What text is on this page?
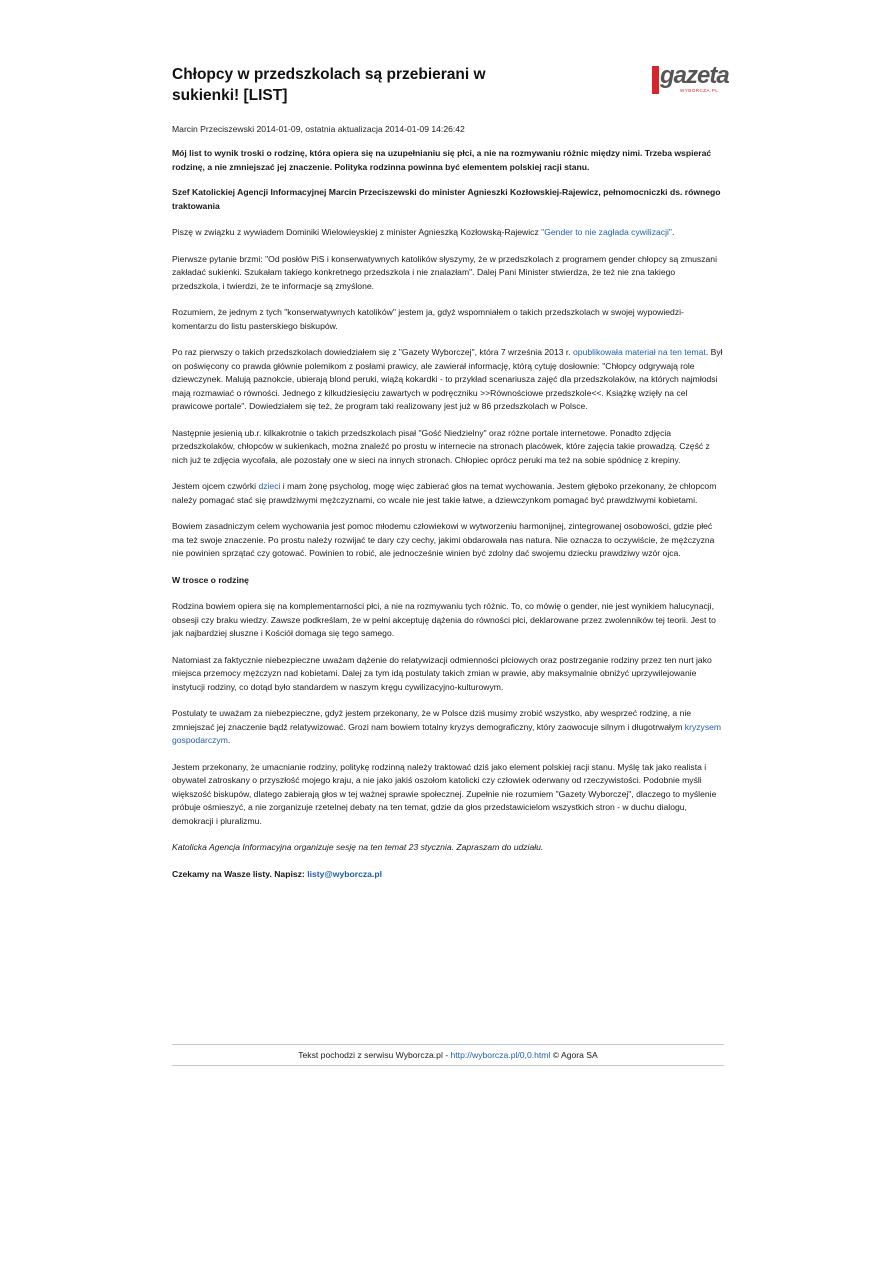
Chłopcy w przedszkolach są przebierani w sukienki! [LIST]
gazeta
WYBORCZA.PL
Marcin Przeciszewski 2014-01-09, ostatnia aktualizacja 2014-01-09 14:26:42
Mój list to wynik troski o rodzinę, która opiera się na uzupełnianiu się płci, a nie na rozmywaniu różnic między nimi. Trzeba wspierać rodzinę, a nie zmniejszać jej znaczenie. Polityka rodzinna powinna być elementem polskiej racji stanu.
Szef Katolickiej Agencji Informacyjnej Marcin Przeciszewski do minister Agnieszki Kozłowskiej-Rajewicz, pełnomocniczki ds. równego traktowania

Piszę w związku z wywiadem Dominiki Wielowieyskiej z minister Agnieszką Kozłowską-Rajewicz "Gender to nie zagłada cywilizacji".

Pierwsze pytanie brzmi: "Od posłów PiS i konserwatywnych katolików słyszymy, że w przedszkolach z programem gender chłopcy są zmuszani zakładać sukienki. Szukałam takiego konkretnego przedszkola i nie znalazłam". Dalej Pani Minister stwierdza, że też nie zna takiego przedszkola, i twierdzi, że te informacje są zmyślone.

Rozumiem, że jednym z tych "konserwatywnych katolików" jestem ja, gdyż wspomniałem o takich przedszkolach w swojej wypowiedzi-komentarzu do listu pasterskiego biskupów.

Po raz pierwszy o takich przedszkolach dowiedziałem się z "Gazety Wyborczej", która 7 września 2013 r. opublikowała materiał na ten temat. Był on poświęcony co prawda głównie polemikom z posłami prawicy, ale zawierał informację, którą cytuję dosłownie: "Chłopcy odgrywają role dziewczynek. Malują paznokcie, ubierają blond peruki, wiążą kokardki - to przykład scenariusza zajęć dla przedszkolaków, na których najmłodsi mają rozmawiać o równości. Jednego z kilkudziesięciu zawartych w podręczniku >>Równościowe przedszkole<<. Książkę wzięły na cel prawicowe portale". Dowiedziałem się też, że program taki realizowany jest już w 86 przedszkolach w Polsce.

Następnie jesienią ub.r. kilkakrotnie o takich przedszkolach pisał "Gość Niedzielny" oraz różne portale internetowe. Ponadto zdjęcia przedszkolaków, chłopców w sukienkach, można znaleźć po prostu w internecie na stronach placówek, które zajęcia takie prowadzą. Część z nich już te zdjęcia wycofała, ale pozostały one w sieci na innych stronach. Chłopiec oprócz peruki ma też na sobie spódnicę z krepiny.

Jestem ojcem czwórki dzieci i mam żonę psycholog, mogę więc zabierać głos na temat wychowania. Jestem głęboko przekonany, że chłopcom należy pomagać stać się prawdziwymi mężczyznami, co wcale nie jest takie łatwe, a dziewczynkom pomagać być prawdziwymi kobietami.

Bowiem zasadniczym celem wychowania jest pomoc młodemu człowiekowi w wytworzeniu harmonijnej, zintegrowanej osobowości, gdzie płeć ma też swoje znaczenie. Po prostu należy rozwijać te dary czy cechy, jakimi obdarowała nas natura. Nie oznacza to oczywiście, że mężczyzna nie powinien sprzątać czy gotować. Powinien to robić, ale jednocześnie winien być zdolny dać swojemu dziecku prawdziwy wzór ojca.

W trosce o rodzinę

Rodzina bowiem opiera się na komplementarności płci, a nie na rozmywaniu tych różnic. To, co mówię o gender, nie jest wynikiem halucynacji, obsesji czy braku wiedzy. Zawsze podkreślam, że w pełni akceptuję dążenia do równości płci, deklarowane przez zwolenników tej teorii. Jest to jak najbardziej słuszne i Kościół domaga się tego samego.

Natomiast za faktycznie niebezpieczne uważam dążenie do relatywizacji odmienności płciowych oraz postrzeganie rodziny przez ten nurt jako miejsca przemocy mężczyzn nad kobietami. Dalej za tym idą postulaty takich zmian w prawie, aby maksymalnie obniżyć uprzywilejowanie instytucji rodziny, co dotąd było standardem w naszym kręgu cywilizacyjno-kulturowym.

Postulaty te uważam za niebezpieczne, gdyż jestem przekonany, że w Polsce dziś musimy zrobić wszystko, aby wesprzeć rodzinę, a nie zmniejszać jej znaczenie bądź relatywizować. Grozi nam bowiem totalny kryzys demograficzny, który zaowocuje silnym i długotrwałym kryzysem gospodarczym.

Jestem przekonany, że umacnianie rodziny, politykę rodzinną należy traktować dziś jako element polskiej racji stanu. Myślę tak jako realista i obywatel zatroskany o przyszłość mojego kraju, a nie jako jakiś oszołom katolicki czy człowiek oderwany od rzeczywistości. Podobnie myśli większość biskupów, dlatego zabierają głos w tej ważnej sprawie społecznej. Zupełnie nie rozumiem "Gazety Wyborczej", dlaczego to myślenie próbuje ośmieszyć, a nie zorganizuje rzetelnej debaty na ten temat, gdzie da głos przedstawicielom wszystkich stron - w duchu dialogu, demokracji i pluralizmu.

Katolicka Agencja Informacyjna organizuje sesję na ten temat 23 stycznia. Zapraszam do udziału.

Czekamy na Wasze listy. Napisz: listy@wyborcza.pl
Tekst pochodzi z serwisu Wyborcza.pl - http://wyborcza.pl/0,0.html © Agora SA
